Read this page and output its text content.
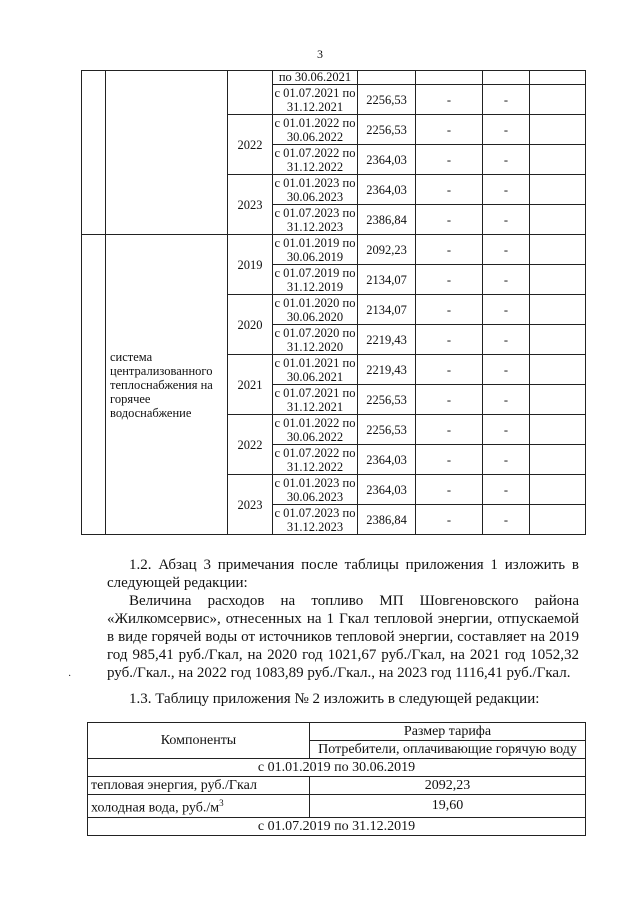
3
			по 30.06.2021				
			с 01.07.2021 по 31.12.2021	2256,53	-	-	
		2022	с 01.01.2022 по 30.06.2022	2256,53	-	-	
			с 01.07.2022 по 31.12.2022	2364,03	-	-	
		2023	с 01.01.2023 по 30.06.2023	2364,03	-	-	
			с 01.07.2023 по 31.12.2023	2386,84	-	-	
	система централизованного теплоснабжения на горячее водоснабжение	2019	с 01.01.2019 по 30.06.2019	2092,23	-	-	
			с 01.07.2019 по 31.12.2019	2134,07	-	-	
		2020	с 01.01.2020 по 30.06.2020	2134,07	-	-	
			с 01.07.2020 по 31.12.2020	2219,43	-	-	
		2021	с 01.01.2021 по 30.06.2021	2219,43	-	-	
			с 01.07.2021 по 31.12.2021	2256,53	-	-	
		2022	с 01.01.2022 по 30.06.2022	2256,53	-	-	
			с 01.07.2022 по 31.12.2022	2364,03	-	-	
		2023	с 01.01.2023 по 30.06.2023	2364,03	-	-	
			с 01.07.2023 по 31.12.2023	2386,84	-	-	

1.2. Абзац 3 примечания после таблицы приложения 1 изложить в следующей редакции:

Величина расходов на топливо МП Шовгеновского района «Жилкомсервис», отнесенных на 1 Гкал тепловой энергии, отпускаемой в виде горячей воды от источников тепловой энергии, составляет на 2019 год 985,41 руб./Гкал, на 2020 год 1021,67 руб./Гкал, на 2021 год 1052,32 руб./Гкал., на 2022 год 1083,89 руб./Гкал., на 2023 год 1116,41 руб./Гкал.

·

1.3. Таблицу приложения № 2 изложить в следующей редакции:

Компоненты	Размер тарифа
	Потребители, оплачивающие горячую воду
с 01.01.2019 по 30.06.2019	
тепловая энергия, руб./Гкал	2092,23
холодная вода, $руб./м^3$	19,60
с 01.07.2019 по 31.12.2019	
